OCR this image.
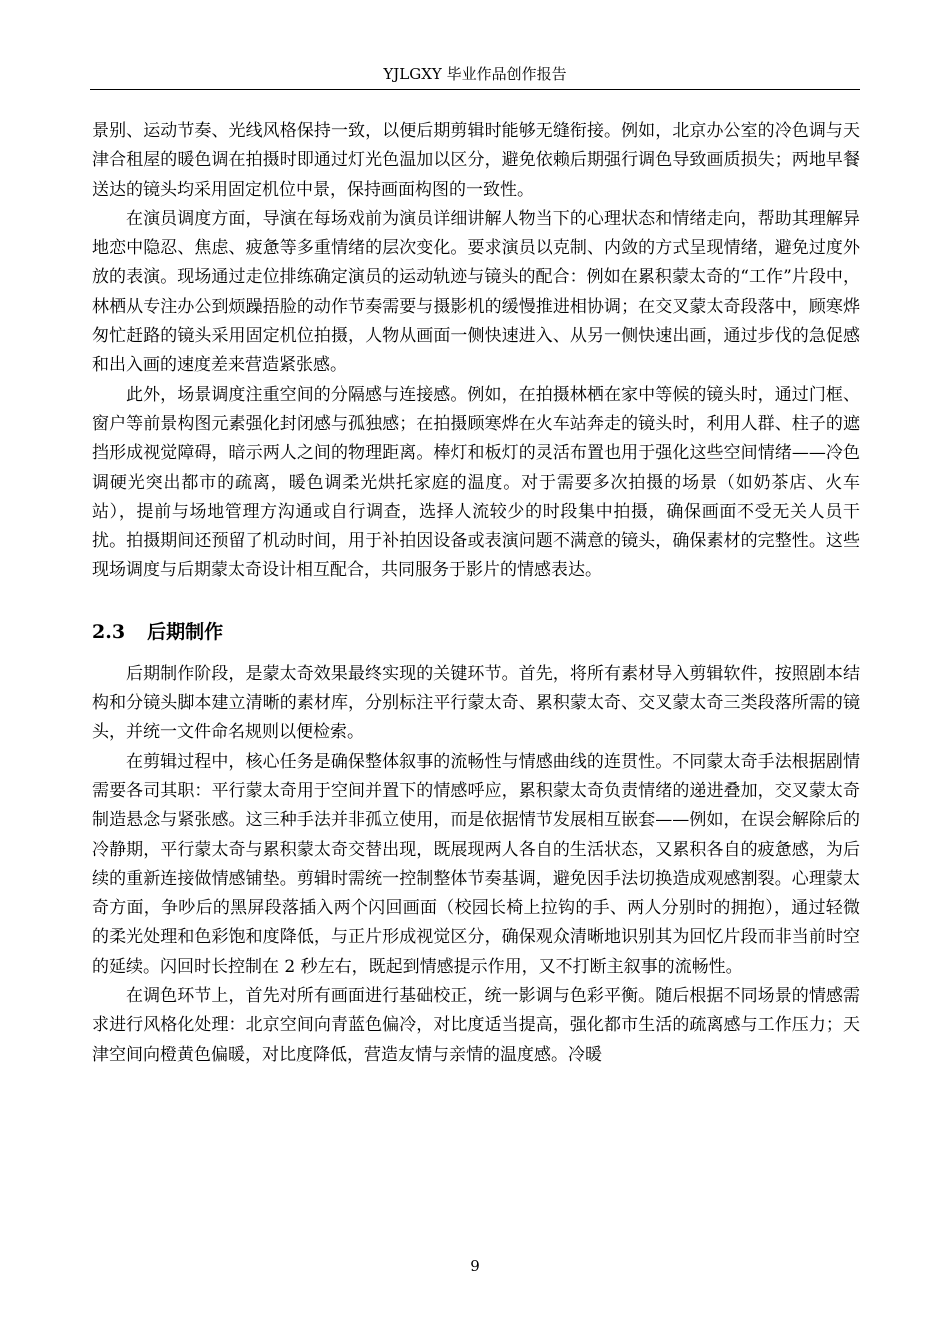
YJLGXY 毕业作品创作报告

景别、运动节奏、光线风格保持一致，以便后期剪辑时能够无缝衔接。例如，北京办公室的冷色调与天津合租屋的暖色调在拍摄时即通过灯光色温加以区分，避免依赖后期强行调色导致画质损失；两地早餐送达的镜头均采用固定机位中景，保持画面构图的一致性。

在演员调度方面，导演在每场戏前为演员详细讲解人物当下的心理状态和情绪走向，帮助其理解异地恋中隐忍、焦虑、疲惫等多重情绪的层次变化。要求演员以克制、内敛的方式呈现情绪，避免过度外放的表演。现场通过走位排练确定演员的运动轨迹与镜头的配合：例如在累积蒙太奇的“工作”片段中，林栖从专注办公到烦躁捂脸的动作节奏需要与摄影机的缓慢推进相协调；在交叉蒙太奇段落中，顾寒烨匆忙赶路的镜头采用固定机位拍摄，人物从画面一侧快速进入、从另一侧快速出画，通过步伐的急促感和出入画的速度差来营造紧张感。

此外，场景调度注重空间的分隔感与连接感。例如，在拍摄林栖在家中等候的镜头时，通过门框、窗户等前景构图元素强化封闭感与孤独感；在拍摄顾寒烨在火车站奔走的镜头时，利用人群、柱子的遮挡形成视觉障碍，暗示两人之间的物理距离。棒灯和板灯的灵活布置也用于强化这些空间情绪——冷色调硬光突出都市的疏离，暖色调柔光烘托家庭的温度。对于需要多次拍摄的场景（如奶茶店、火车站），提前与场地管理方沟通或自行调查，选择人流较少的时段集中拍摄，确保画面不受无关人员干扰。拍摄期间还预留了机动时间，用于补拍因设备或表演问题不满意的镜头，确保素材的完整性。这些现场调度与后期蒙太奇设计相互配合，共同服务于影片的情感表达。

2.3 后期制作

后期制作阶段，是蒙太奇效果最终实现的关键环节。首先，将所有素材导入剪辑软件，按照剧本结构和分镜头脚本建立清晰的素材库，分别标注平行蒙太奇、累积蒙太奇、交叉蒙太奇三类段落所需的镜头，并统一文件命名规则以便检索。

在剪辑过程中，核心任务是确保整体叙事的流畅性与情感曲线的连贯性。不同蒙太奇手法根据剧情需要各司其职：平行蒙太奇用于空间并置下的情感呼应，累积蒙太奇负责情绪的递进叠加，交叉蒙太奇制造悬念与紧张感。这三种手法并非孤立使用，而是依据情节发展相互嵌套——例如，在误会解除后的冷静期，平行蒙太奇与累积蒙太奇交替出现，既展现两人各自的生活状态，又累积各自的疲惫感，为后续的重新连接做情感铺垫。剪辑时需统一控制整体节奏基调，避免因手法切换造成观感割裂。心理蒙太奇方面，争吵后的黑屏段落插入两个闪回画面（校园长椅上拉钩的手、两人分别时的拥抱），通过轻微的柔光处理和色彩饱和度降低，与正片形成视觉区分，确保观众清晰地识别其为回忆片段而非当前时空的延续。闪回时长控制在 2 秒左右，既起到情感提示作用，又不打断主叙事的流畅性。

在调色环节上，首先对所有画面进行基础校正，统一影调与色彩平衡。随后根据不同场景的情感需求进行风格化处理：北京空间向青蓝色偏冷，对比度适当提高，强化都市生活的疏离感与工作压力；天津空间向橙黄色偏暖，对比度降低，营造友情与亲情的温度感。冷暖

9
